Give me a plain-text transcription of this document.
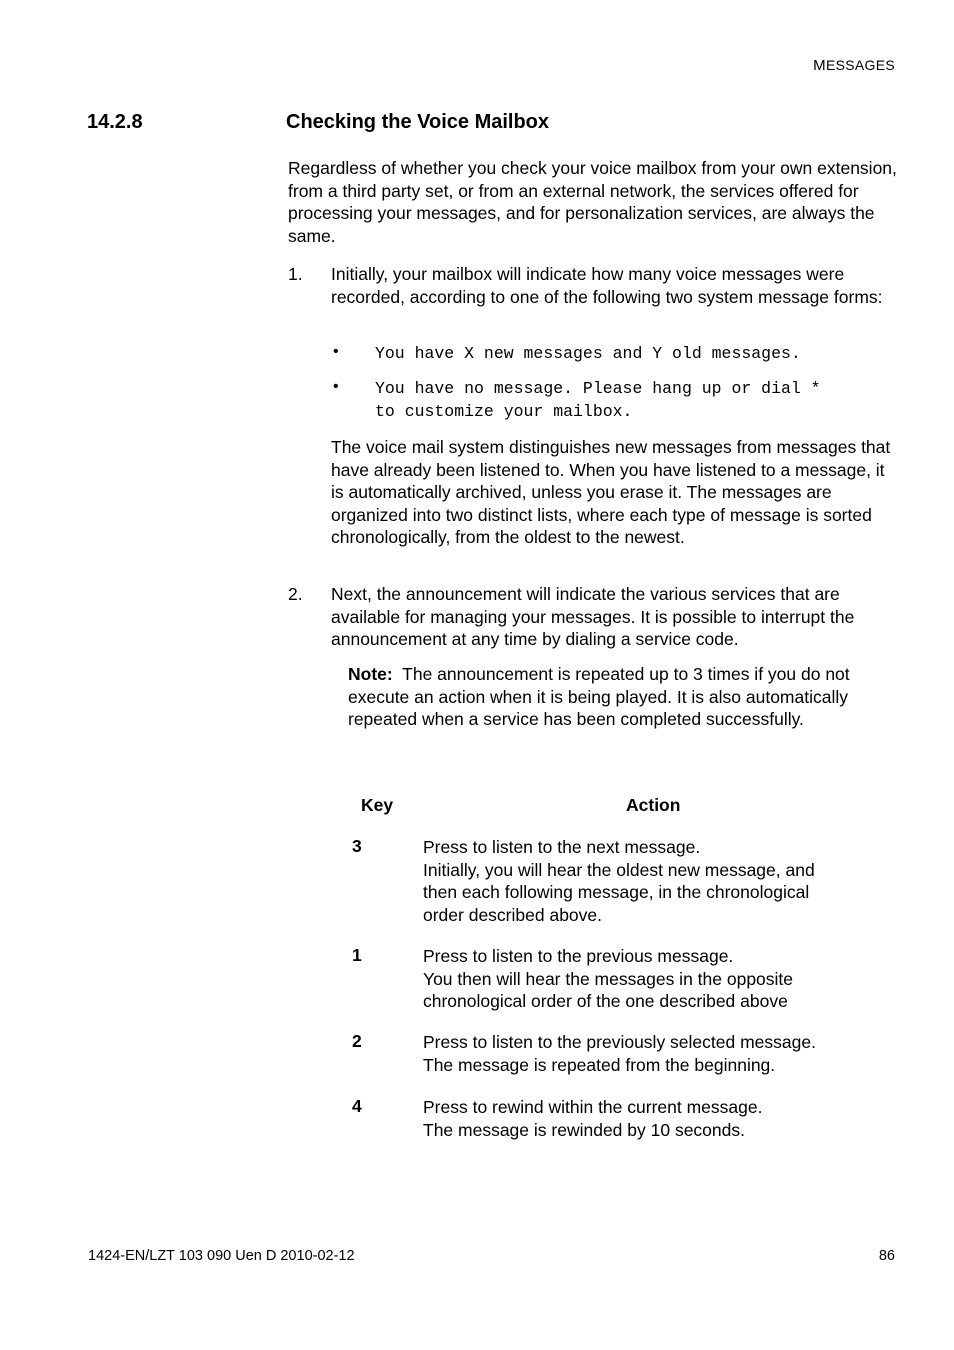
MESSAGES
14.2.8	Checking the Voice Mailbox
Regardless of whether you check your voice mailbox from your own extension, from a third party set, or from an external network, the services offered for processing your messages, and for personalization services, are always the same.
1. Initially, your mailbox will indicate how many voice messages were recorded, according to one of the following two system message forms:
• You have X new messages and Y old messages.
• You have no message. Please hang up or dial *
to customize your mailbox.
The voice mail system distinguishes new messages from messages that have already been listened to. When you have listened to a message, it is automatically archived, unless you erase it. The messages are organized into two distinct lists, where each type of message is sorted chronologically, from the oldest to the newest.
2. Next, the announcement will indicate the various services that are available for managing your messages. It is possible to interrupt the announcement at any time by dialing a service code.
Note: The announcement is repeated up to 3 times if you do not execute an action when it is being played. It is also automatically repeated when a service has been completed successfully.
Key	Action
3	Press to listen to the next message.
Initially, you will hear the oldest new message, and
then each following message, in the chronological
order described above.
1	Press to listen to the previous message.
You then will hear the messages in the opposite
chronological order of the one described above
2	Press to listen to the previously selected message.
The message is repeated from the beginning.
4	Press to rewind within the current message.
The message is rewinded by 10 seconds.
1424-EN/LZT 103 090 Uen D 2010-02-12	86
